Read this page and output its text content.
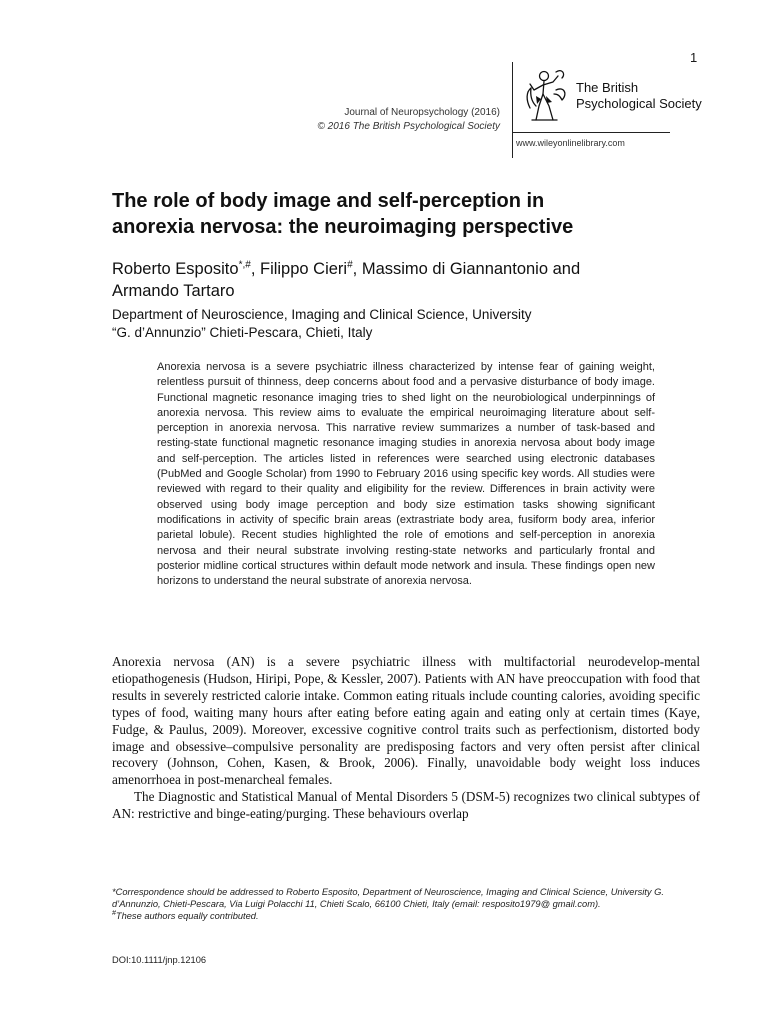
1
Journal of Neuropsychology (2016)
© 2016 The British Psychological Society
The British
Psychological Society
www.wileyonlinelibrary.com
The role of body image and self-perception in
anorexia nervosa: the neuroimaging perspective
Roberto Esposito*,#, Filippo Cieri#, Massimo di Giannantonio and
Armando Tartaro
Department of Neuroscience, Imaging and Clinical Science, University
“G. d’Annunzio” Chieti-Pescara, Chieti, Italy

Anorexia nervosa is a severe psychiatric illness characterized by intense fear of gaining weight, relentless pursuit of thinness, deep concerns about food and a pervasive disturbance of body image. Functional magnetic resonance imaging tries to shed light on the neurobiological underpinnings of anorexia nervosa. This review aims to evaluate the empirical neuroimaging literature about self-perception in anorexia nervosa. This narrative review summarizes a number of task-based and resting-state functional magnetic resonance imaging studies in anorexia nervosa about body image and self-perception. The articles listed in references were searched using electronic databases (PubMed and Google Scholar) from 1990 to February 2016 using specific key words. All studies were reviewed with regard to their quality and eligibility for the review. Differences in brain activity were observed using body image perception and body size estimation tasks showing significant modifications in activity of specific brain areas (extrastriate body area, fusiform body area, inferior parietal lobule). Recent studies highlighted the role of emotions and self-perception in anorexia nervosa and their neural substrate involving resting-state networks and particularly frontal and posterior midline cortical structures within default mode network and insula. These findings open new horizons to understand the neural substrate of anorexia nervosa.

Anorexia nervosa (AN) is a severe psychiatric illness with multifactorial neurodevelop-mental etiopathogenesis (Hudson, Hiripi, Pope, & Kessler, 2007). Patients with AN have preoccupation with food that results in severely restricted calorie intake. Common eating rituals include counting calories, avoiding specific types of food, waiting many hours after eating before eating again and eating only at certain times (Kaye, Fudge, & Paulus, 2009). Moreover, excessive cognitive control traits such as perfectionism, distorted body image and obsessive–compulsive personality are predisposing factors and very often persist after clinical recovery (Johnson, Cohen, Kasen, & Brook, 2006). Finally, unavoidable body weight loss induces amenorrhoea in post-menarcheal females.

The Diagnostic and Statistical Manual of Mental Disorders 5 (DSM-5) recognizes two clinical subtypes of AN: restrictive and binge-eating/purging. These behaviours overlap

*Correspondence should be addressed to Roberto Esposito, Department of Neuroscience, Imaging and Clinical Science, University G. d’Annunzio, Chieti-Pescara, Via Luigi Polacchi 11, Chieti Scalo, 66100 Chieti, Italy (email: resposito1979@ gmail.com).

#These authors equally contributed.

DOI:10.1111/jnp.12106
